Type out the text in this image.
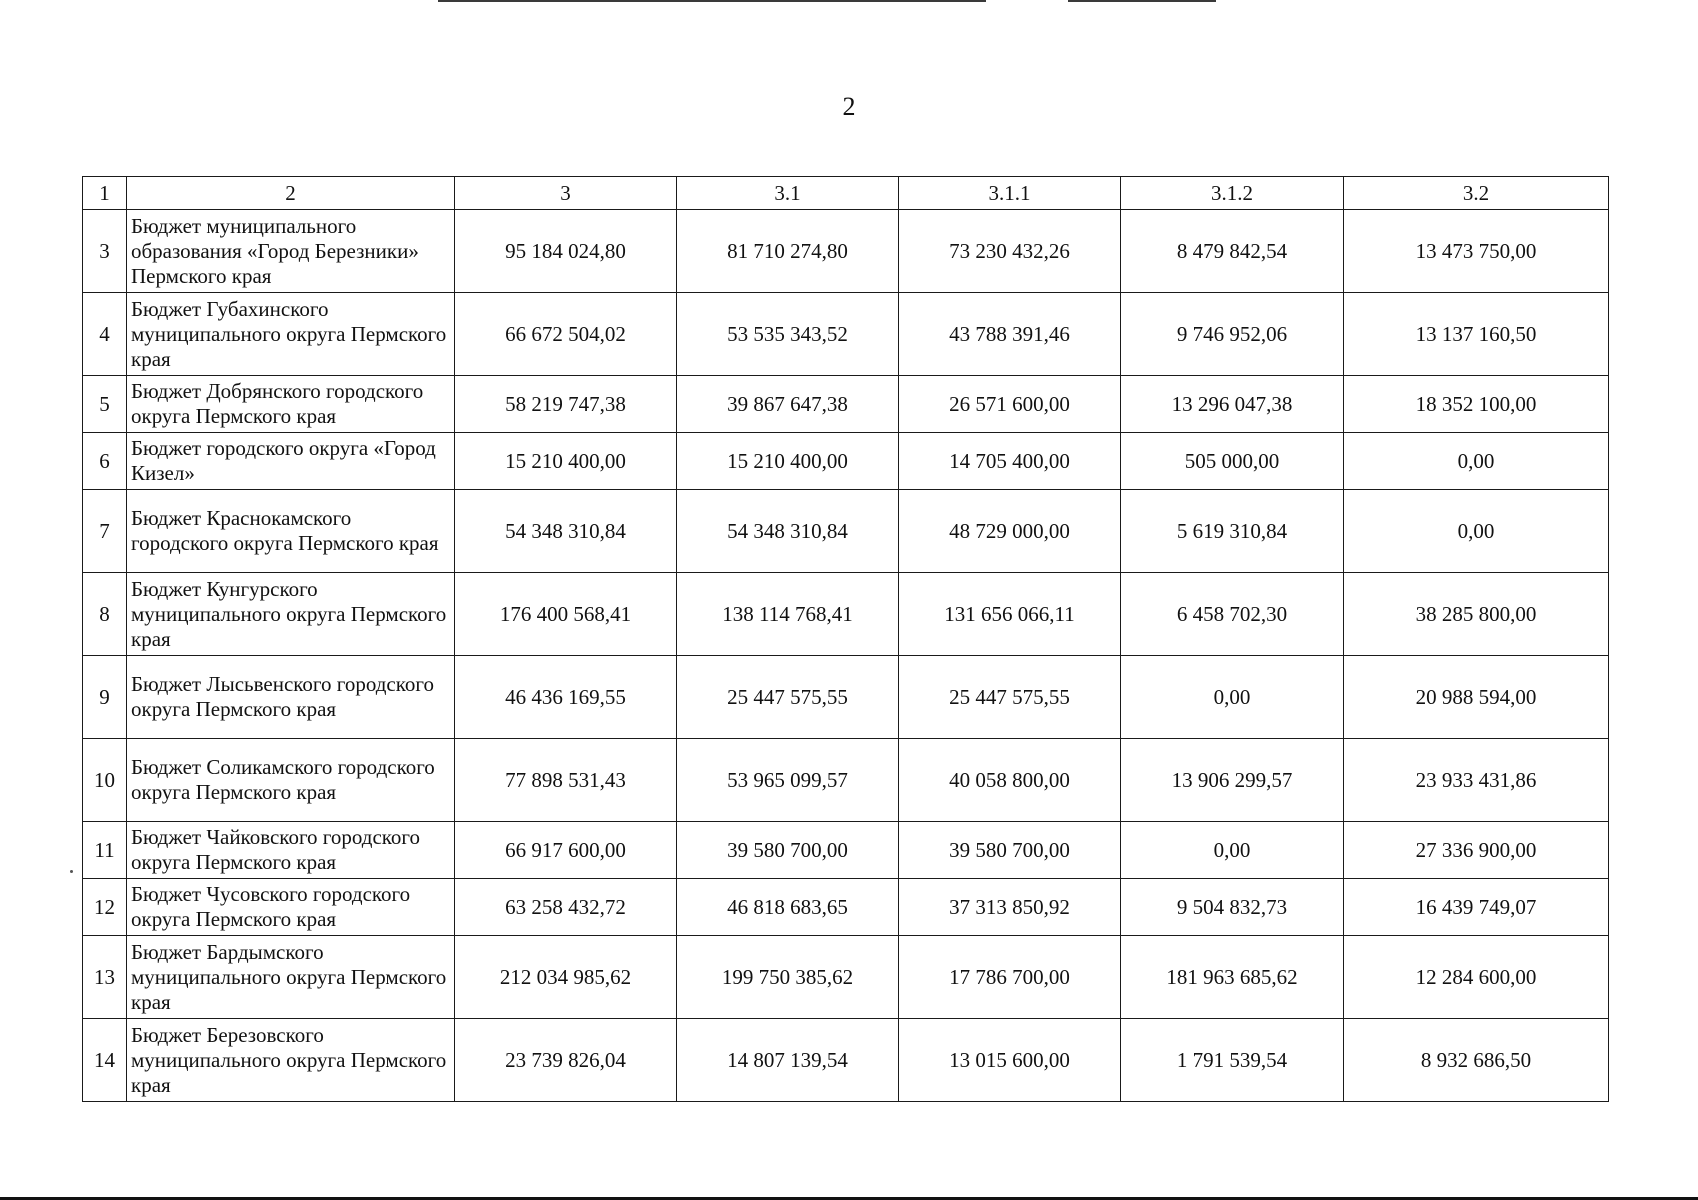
2
1	2	3	3.1	3.1.1	3.1.2	3.2
3	Бюджет муниципального образования «Город Березники» Пермского края	95 184 024,80	81 710 274,80	73 230 432,26	8 479 842,54	13 473 750,00
4	Бюджет Губахинского муниципального округа Пермского края	66 672 504,02	53 535 343,52	43 788 391,46	9 746 952,06	13 137 160,50
5	Бюджет Добрянского городского округа Пермского края	58 219 747,38	39 867 647,38	26 571 600,00	13 296 047,38	18 352 100,00
6	Бюджет городского округа «Город Кизел»	15 210 400,00	15 210 400,00	14 705 400,00	505 000,00	0,00
7	Бюджет Краснокамского городского округа Пермского края	54 348 310,84	54 348 310,84	48 729 000,00	5 619 310,84	0,00
8	Бюджет Кунгурского муниципального округа Пермского края	176 400 568,41	138 114 768,41	131 656 066,11	6 458 702,30	38 285 800,00
9	Бюджет Лысьвенского городского округа Пермского края	46 436 169,55	25 447 575,55	25 447 575,55	0,00	20 988 594,00
10	Бюджет Соликамского городского округа Пермского края	77 898 531,43	53 965 099,57	40 058 800,00	13 906 299,57	23 933 431,86
11	Бюджет Чайковского городского округа Пермского края	66 917 600,00	39 580 700,00	39 580 700,00	0,00	27 336 900,00
12	Бюджет Чусовского городского округа Пермского края	63 258 432,72	46 818 683,65	37 313 850,92	9 504 832,73	16 439 749,07
13	Бюджет Бардымского муниципального округа Пермского края	212 034 985,62	199 750 385,62	17 786 700,00	181 963 685,62	12 284 600,00
14	Бюджет Березовского муниципального округа Пермского края	23 739 826,04	14 807 139,54	13 015 600,00	1 791 539,54	8 932 686,50
